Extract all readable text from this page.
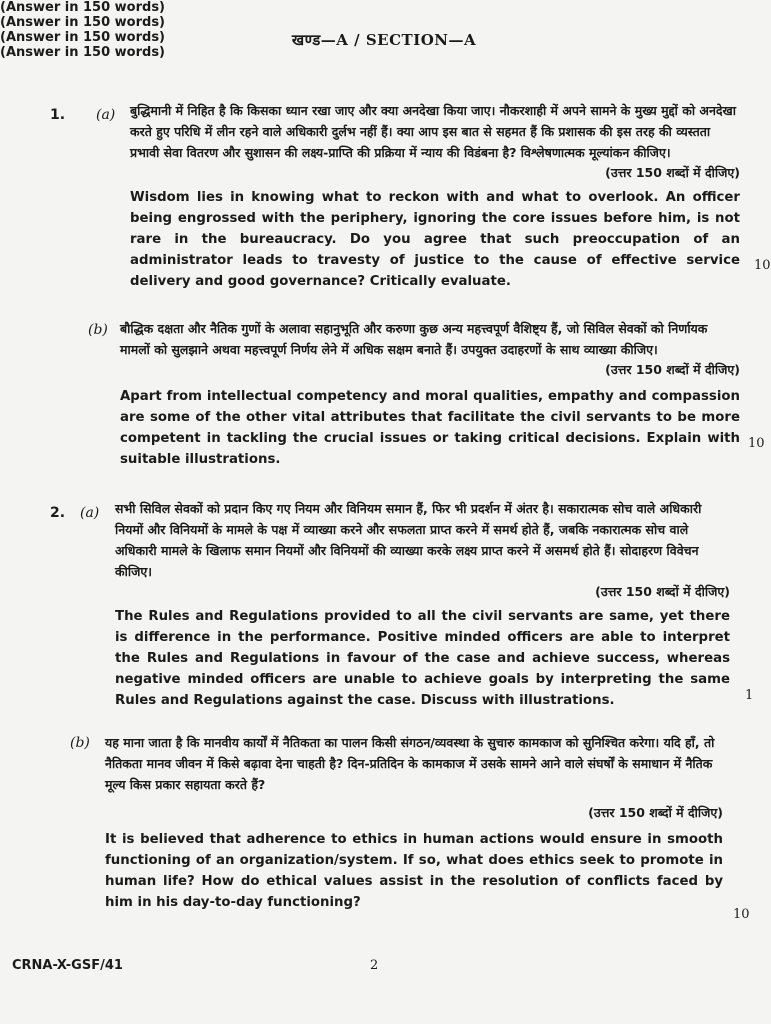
खण्ड—A / SECTION—A
1. (a) बुद्धिमानी में निहित है कि किसका ध्यान रखा जाए और क्या अनदेखा किया जाए। नौकरशाही में अपने सामने के मुख्य मुद्दों को अनदेखा करते हुए परिधि में लीन रहने वाले अधिकारी दुर्लभ नहीं हैं। क्या आप इस बात से सहमत हैं कि प्रशासक की इस तरह की व्यस्तता प्रभावी सेवा वितरण और सुशासन की लक्ष्य-प्राप्ति की प्रक्रिया में न्याय की विडंबना है? विश्लेषणात्मक मूल्यांकन कीजिए।

(उत्तर 150 शब्दों में दीजिए)

Wisdom lies in knowing what to reckon with and what to overlook. An officer being engrossed with the periphery, ignoring the core issues before him, is not rare in the bureaucracy. Do you agree that such preoccupation of an administrator leads to travesty of justice to the cause of effective service delivery and good governance? Critically evaluate.

(Answer in 150 words)
10
(b) बौद्धिक दक्षता और नैतिक गुणों के अलावा सहानुभूति और करुणा कुछ अन्य महत्त्वपूर्ण वैशिष्ट्य हैं, जो सिविल सेवकों को निर्णायक मामलों को सुलझाने अथवा महत्त्वपूर्ण निर्णय लेने में अधिक सक्षम बनाते हैं। उपयुक्त उदाहरणों के साथ व्याख्या कीजिए।

(उत्तर 150 शब्दों में दीजिए)

Apart from intellectual competency and moral qualities, empathy and compassion are some of the other vital attributes that facilitate the civil servants to be more competent in tackling the crucial issues or taking critical decisions. Explain with suitable illustrations.

(Answer in 150 words)
10
2. (a) सभी सिविल सेवकों को प्रदान किए गए नियम और विनियम समान हैं, फिर भी प्रदर्शन में अंतर है। सकारात्मक सोच वाले अधिकारी नियमों और विनियमों के मामले के पक्ष में व्याख्या करने और सफलता प्राप्त करने में समर्थ होते हैं, जबकि नकारात्मक सोच वाले अधिकारी मामले के खिलाफ समान नियमों और विनियमों की व्याख्या करके लक्ष्य प्राप्त करने में असमर्थ होते हैं। सोदाहरण विवेचन कीजिए।

(उत्तर 150 शब्दों में दीजिए)

The Rules and Regulations provided to all the civil servants are same, yet there is difference in the performance. Positive minded officers are able to interpret the Rules and Regulations in favour of the case and achieve success, whereas negative minded officers are unable to achieve goals by interpreting the same Rules and Regulations against the case. Discuss with illustrations.

(Answer in 150 words)
1
(b) यह माना जाता है कि मानवीय कार्यों में नैतिकता का पालन किसी संगठन/व्यवस्था के सुचारु कामकाज को सुनिश्चित करेगा। यदि हाँ, तो नैतिकता मानव जीवन में किसे बढ़ावा देना चाहती है? दिन-प्रतिदिन के कामकाज में उसके सामने आने वाले संघर्षों के समाधान में नैतिक मूल्य किस प्रकार सहायता करते हैं?

(उत्तर 150 शब्दों में दीजिए)

It is believed that adherence to ethics in human actions would ensure in smooth functioning of an organization/system. If so, what does ethics seek to promote in human life? How do ethical values assist in the resolution of conflicts faced by him in his day-to-day functioning?

(Answer in 150 words)
10
CRNA-X-GSF/41	2
